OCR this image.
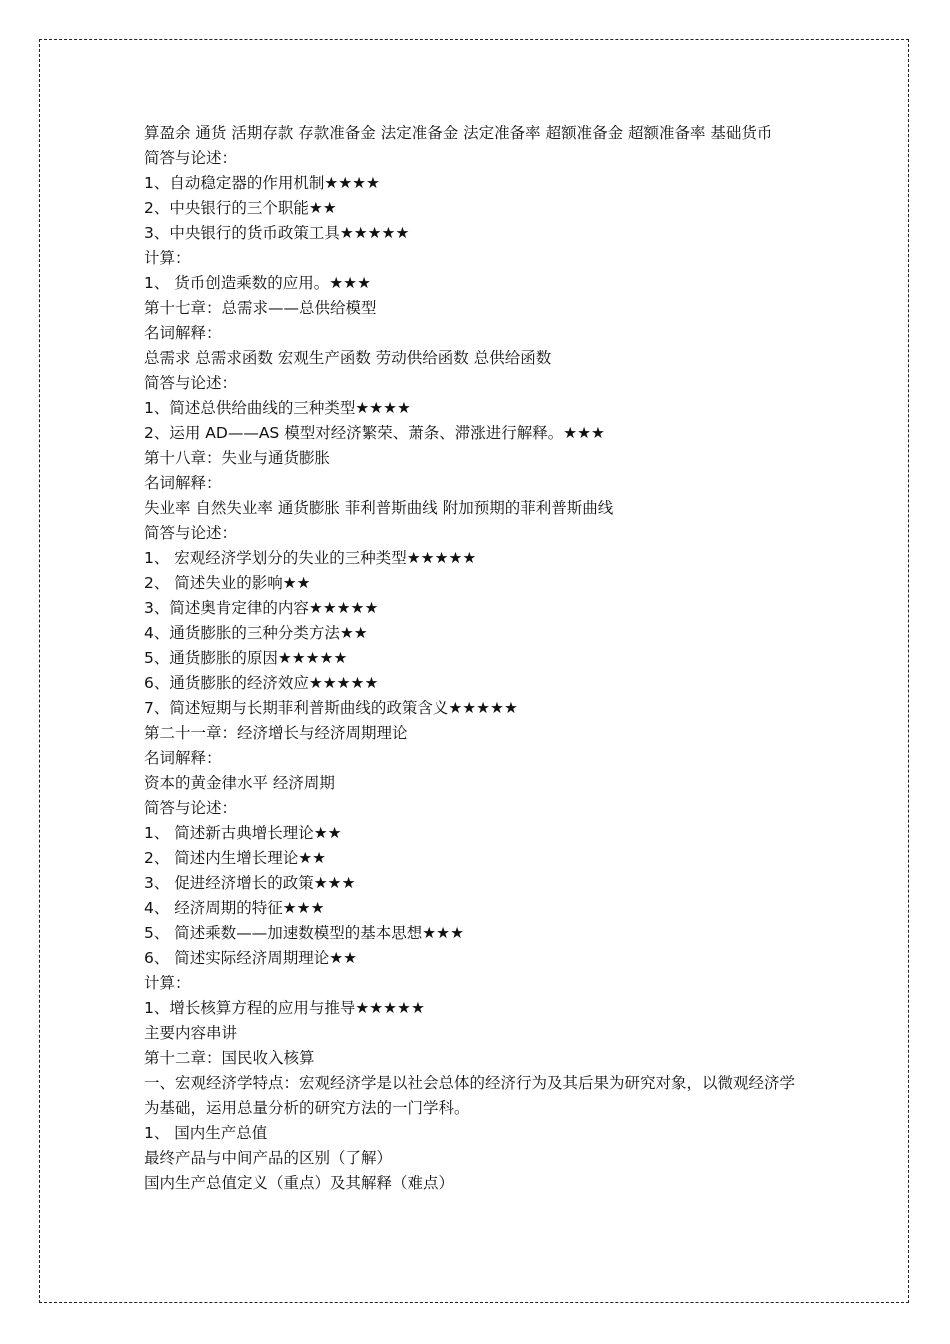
算盈余 通货 活期存款 存款准备金 法定准备金 法定准备率 超额准备金 超额准备率 基础货币

简答与论述：

1、自动稳定器的作用机制★★★★

2、中央银行的三个职能★★

3、中央银行的货币政策工具★★★★★

计算：

1、 货币创造乘数的应用。★★★

第十七章：总需求——总供给模型

名词解释：

总需求 总需求函数 宏观生产函数 劳动供给函数 总供给函数

简答与论述：

1、简述总供给曲线的三种类型★★★★

2、运用 AD——AS 模型对经济繁荣、萧条、滞涨进行解释。★★★

第十八章：失业与通货膨胀

名词解释：

失业率 自然失业率 通货膨胀 菲利普斯曲线 附加预期的菲利普斯曲线

简答与论述：

1、 宏观经济学划分的失业的三种类型★★★★★

2、 简述失业的影响★★

3、简述奥肯定律的内容★★★★★

4、通货膨胀的三种分类方法★★

5、通货膨胀的原因★★★★★

6、通货膨胀的经济效应★★★★★

7、简述短期与长期菲利普斯曲线的政策含义★★★★★

第二十一章：经济增长与经济周期理论

名词解释：

资本的黄金律水平 经济周期

简答与论述：

1、 简述新古典增长理论★★

2、 简述内生增长理论★★

3、 促进经济增长的政策★★★

4、 经济周期的特征★★★

5、 简述乘数——加速数模型的基本思想★★★

6、 简述实际经济周期理论★★

计算：

1、增长核算方程的应用与推导★★★★★

主要内容串讲

第十二章：国民收入核算

一、宏观经济学特点：宏观经济学是以社会总体的经济行为及其后果为研究对象，以微观经济学为基础，运用总量分析的研究方法的一门学科。

1、 国内生产总值

最终产品与中间产品的区别（了解）

国内生产总值定义（重点）及其解释（难点）
